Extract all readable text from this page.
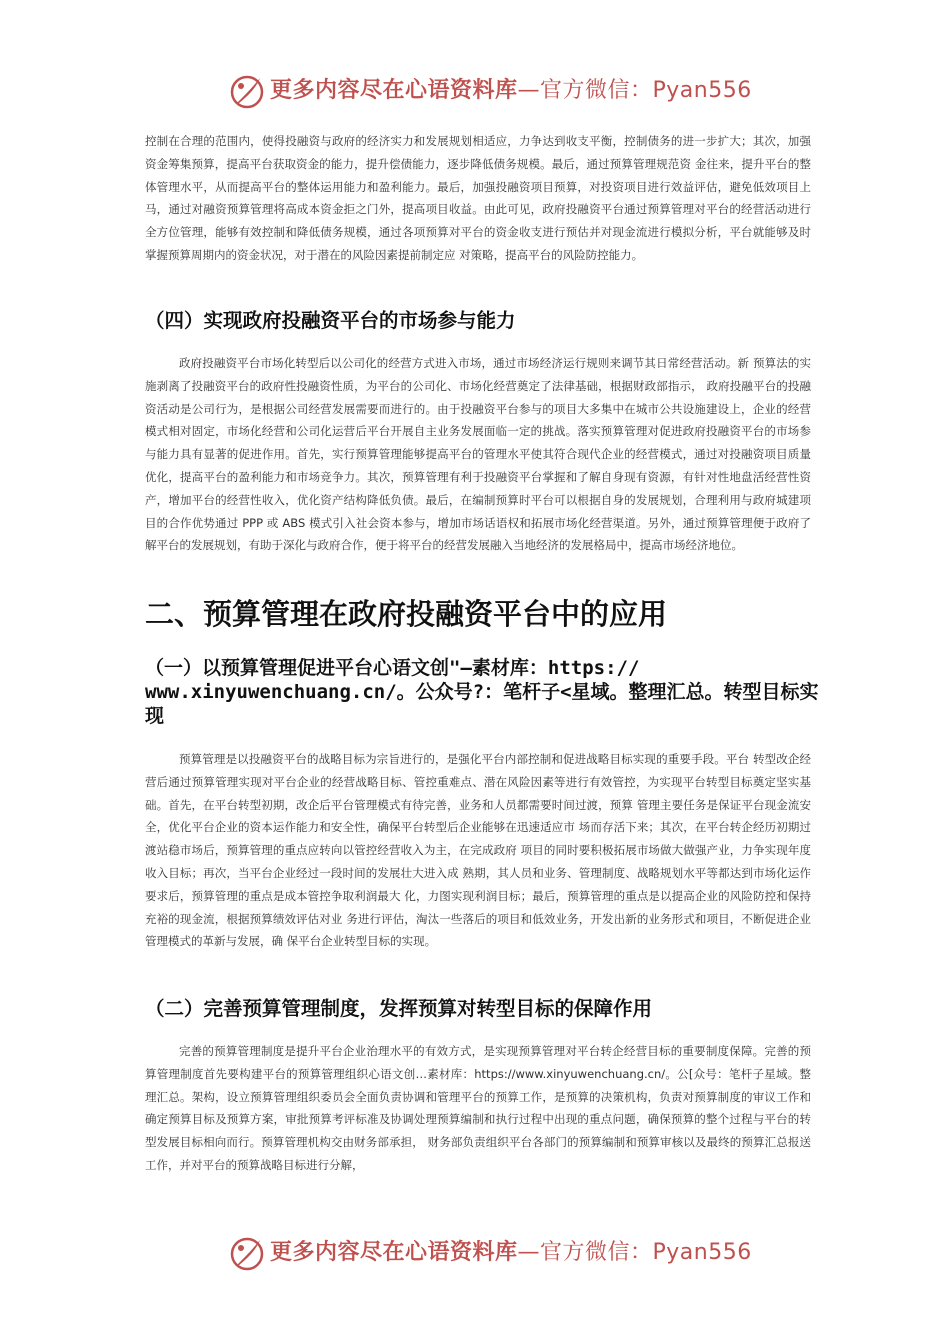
更多内容尽在心语资料库—官方微信：Pyan556

控制在合理的范围内，使得投融资与政府的经济实力和发展规划相适应，力争达到收支平衡，控制债务的进一步扩大；其次，加强资金筹集预算，提高平台获取资金的能力，提升偿债能力，逐步降低债务规模。最后，通过预算管理规范资 金往来，提升平台的整体管理水平，从而提高平台的整体运用能力和盈利能力。最后，加强投融资项目预算，对投资项目进行效益评估，避免低效项目上马，通过对融资预算管理将高成本资金拒之门外，提高项目收益。由此可见，政府投融资平台通过预算管理对平台的经营活动进行全方位管理，能够有效控制和降低债务规模，通过各项预算对平台的资金收支进行预估并对现金流进行模拟分析，平台就能够及时掌握预算周期内的资金状况，对于潜在的风险因素提前制定应 对策略，提高平台的风险防控能力。

（四）实现政府投融资平台的市场参与能力

政府投融资平台市场化转型后以公司化的经营方式进入市场，通过市场经济运行规则来调节其日常经营活动。新 预算法的实施剥离了投融资平台的政府性投融资性质，为平台的公司化、市场化经营奠定了法律基础，根据财政部指示， 政府投融平台的投融资活动是公司行为，是根据公司经营发展需要而进行的。由于投融资平台参与的项目大多集中在城市公共设施建设上，企业的经营模式相对固定，市场化经营和公司化运营后平台开展自主业务发展面临一定的挑战。落实预算管理对促进政府投融资平台的市场参与能力具有显著的促进作用。首先，实行预算管理能够提高平台的管理水平使其符合现代企业的经营模式，通过对投融资项目质量优化，提高平台的盈利能力和市场竞争力。其次，预算管理有利于投融资平台掌握和了解自身现有资源，有针对性地盘活经营性资产，增加平台的经营性收入，优化资产结构降低负债。最后，在编制预算时平台可以根据自身的发展规划，合理利用与政府城建项目的合作优势通过 PPP 或 ABS 模式引入社会资本参与，增加市场话语权和拓展市场化经营渠道。另外，通过预算管理便于政府了解平台的发展规划，有助于深化与政府合作，便于将平台的经营发展融入当地经济的发展格局中，提高市场经济地位。

二、预算管理在政府投融资平台中的应用
（一）以预算管理促进平台心语文创"—素材库：https:// www.xinyuwenchuang.cn/。公众号?：笔杆子<星域。整理汇总。转型目标实现

预算管理是以投融资平台的战略目标为宗旨进行的，是强化平台内部控制和促进战略目标实现的重要手段。平台 转型改企经营后通过预算管理实现对平台企业的经营战略目标、管控重难点、潜在风险因素等进行有效管控，为实现平台转型目标奠定坚实基础。首先，在平台转型初期，改企后平台管理模式有待完善，业务和人员都需要时间过渡，预算 管理主要任务是保证平台现金流安全，优化平台企业的资本运作能力和安全性，确保平台转型后企业能够在迅速适应市 场而存活下来；其次，在平台转企经历初期过渡站稳市场后，预算管理的重点应转向以管控经营收入为主，在完成政府 项目的同时要积极拓展市场做大做强产业，力争实现年度收入目标；再次，当平台企业经过一段时间的发展壮大进入成 熟期，其人员和业务、管理制度、战略规划水平等都达到市场化运作要求后，预算管理的重点是成本管控争取利润最大 化，力图实现利润目标；最后，预算管理的重点是以提高企业的风险防控和保持充裕的现金流，根据预算绩效评估对业 务进行评估，淘汰一些落后的项目和低效业务，开发出新的业务形式和项目，不断促进企业管理模式的革新与发展，确 保平台企业转型目标的实现。

（二）完善预算管理制度，发挥预算对转型目标的保障作用

完善的预算管理制度是提升平台企业治理水平的有效方式，是实现预算管理对平台转企经营目标的重要制度保障。完善的预算管理制度首先要构建平台的预算管理组织心语文创…素材库：https://www.xinyuwenchuang.cn/。公[众号：笔杆子星域。整理汇总。架构，设立预算管理组织委员会全面负责协调和管理平台的预算工作，是预算的决策机构，负责对预算制度的审议工作和确定预算目标及预算方案，审批预算考评标准及协调处理预算编制和执行过程中出现的重点问题，确保预算的整个过程与平台的转型发展目标相向而行。预算管理机构交由财务部承担， 财务部负责组织平台各部门的预算编制和预算审核以及最终的预算汇总报送工作，并对平台的预算战略目标进行分解，

更多内容尽在心语资料库—官方微信：Pyan556
